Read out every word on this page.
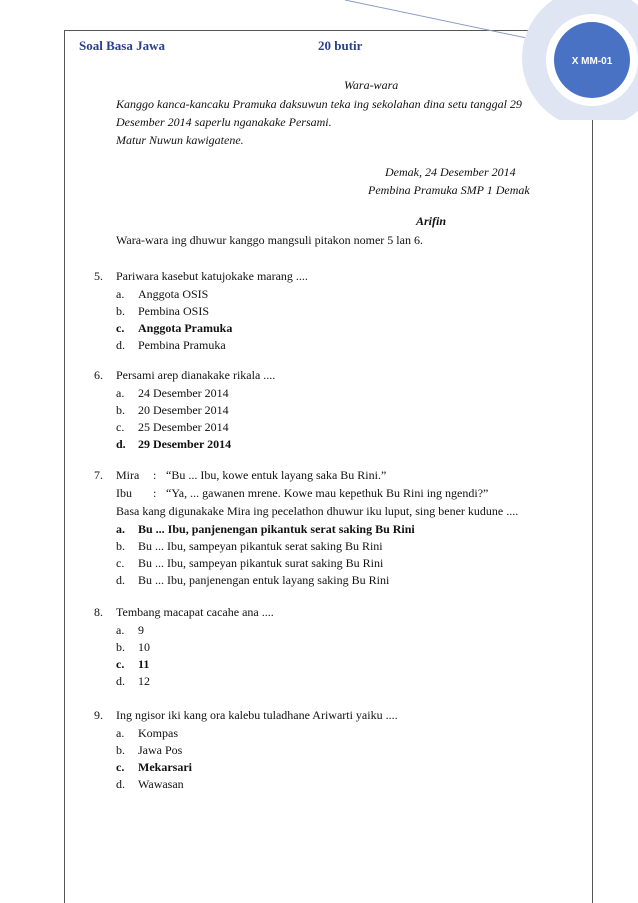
Soal Basa Jawa	20 butir
X MM-01
Wara-wara
Kanggo kanca-kancaku Pramuka daksuwun teka ing sekolahan dina setu tanggal 29
Desember 2014 saperlu nganakake Persami.
Matur Nuwun kawigatene.
Demak, 24 Desember 2014
Pembina Pramuka SMP 1 Demak
Arifin
Wara-wara ing dhuwur kanggo mangsuli pitakon nomer 5 lan 6.
5. Pariwara kasebut katujokake marang ....
a. Anggota OSIS
b. Pembina OSIS
c. Anggota Pramuka
d. Pembina Pramuka
6. Persami arep dianakake rikala ....
a. 24 Desember 2014
b. 20 Desember 2014
c. 25 Desember 2014
d. 29 Desember 2014
7. Mira : “Bu ... Ibu, kowe entuk layang saka Bu Rini.”
Ibu : “Ya, ... gawanen mrene. Kowe mau kepethuk Bu Rini ing ngendi?”
Basa kang digunakake Mira ing pecelathon dhuwur iku luput, sing bener kudune ....
a. Bu ... Ibu, panjenengan pikantuk serat saking Bu Rini
b. Bu ... Ibu, sampeyan pikantuk serat saking Bu Rini
c. Bu ... Ibu, sampeyan pikantuk surat saking Bu Rini
d. Bu ... Ibu, panjenengan entuk layang saking Bu Rini
8. Tembang macapat cacahe ana ....
a. 9
b. 10
c. 11
d. 12
9. Ing ngisor iki kang ora kalebu tuladhane Ariwarti yaiku ....
a. Kompas
b. Jawa Pos
c. Mekarsari
d. Wawasan
